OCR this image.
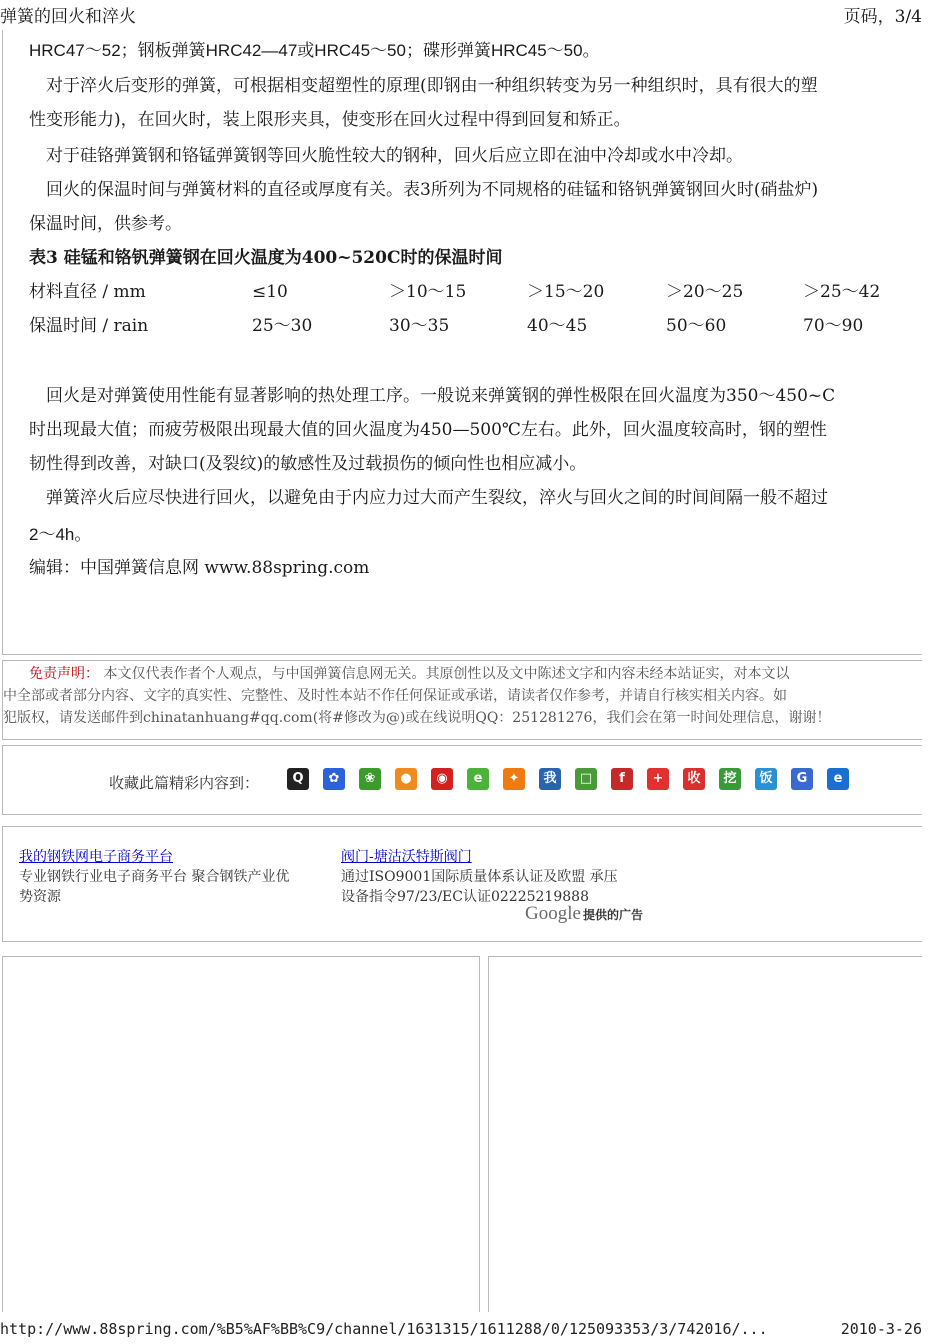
弹簧的回火和淬火	页码，3/4

HRC47～52；钢板弹簧HRC42—47或HRC45～50；碟形弹簧HRC45～50。

　对于淬火后变形的弹簧，可根据相变超塑性的原理(即钢由一种组织转变为另一种组织时，具有很大的塑

性变形能力)，在回火时，装上限形夹具，使变形在回火过程中得到回复和矫正。

　对于硅铬弹簧钢和铬锰弹簧钢等回火脆性较大的钢种，回火后应立即在油中冷却或水中冷却。

　回火的保温时间与弹簧材料的直径或厚度有关。表3所列为不同规格的硅锰和铬钒弹簧钢回火时(硝盐炉)

保温时间，供参考。

表3 硅锰和铬钒弹簧钢在回火温度为400~520C时的保温时间

材料直径 / mm	≤10	＞10～15	＞15～20	＞20～25	＞25～42
保温时间 / rain	25～30	30～35	40～45	50～60	70～90

　回火是对弹簧使用性能有显著影响的热处理工序。一般说来弹簧钢的弹性极限在回火温度为350～450~C

时出现最大值；而疲劳极限出现最大值的回火温度为450—500℃左右。此外，回火温度较高时，钢的塑性

韧性得到改善，对缺口(及裂纹)的敏感性及过载损伤的倾向性也相应减小。

　弹簧淬火后应尽快进行回火，以避免由于内应力过大而产生裂纹，淬火与回火之间的时间间隔一般不超过

2～4h。

编辑：中国弹簧信息网 www.88spring.com

免责声明： 本文仅代表作者个人观点，与中国弹簧信息网无关。其原创性以及文中陈述文字和内容未经本站证实，对本文以
中全部或者部分内容、文字的真实性、完整性、及时性本站不作任何保证或承诺，请读者仅作参考，并请自行核实相关内容。如
犯版权，请发送邮件到chinatanhuang#qq.com(将#修改为@)或在线说明QQ：251281276，我们会在第一时间处理信息，谢谢！
收藏此篇精彩内容到：	Q	✿	❀	●	◉	e	✦	我	□	f	+	收	挖	饭	G	e
我的钢铁网电子商务平台
专业钢铁行业电子商务平台 聚合钢铁产业优
势资源
阀门-塘沽沃特斯阀门
通过ISO9001国际质量体系认证及欧盟 承压
设备指令97/23/EC认证02225219888
Google 提供的广告
http://www.88spring.com/%B5%AF%BB%C9/channel/1631315/1611288/0/125093353/3/742016/...	2010-3-26
